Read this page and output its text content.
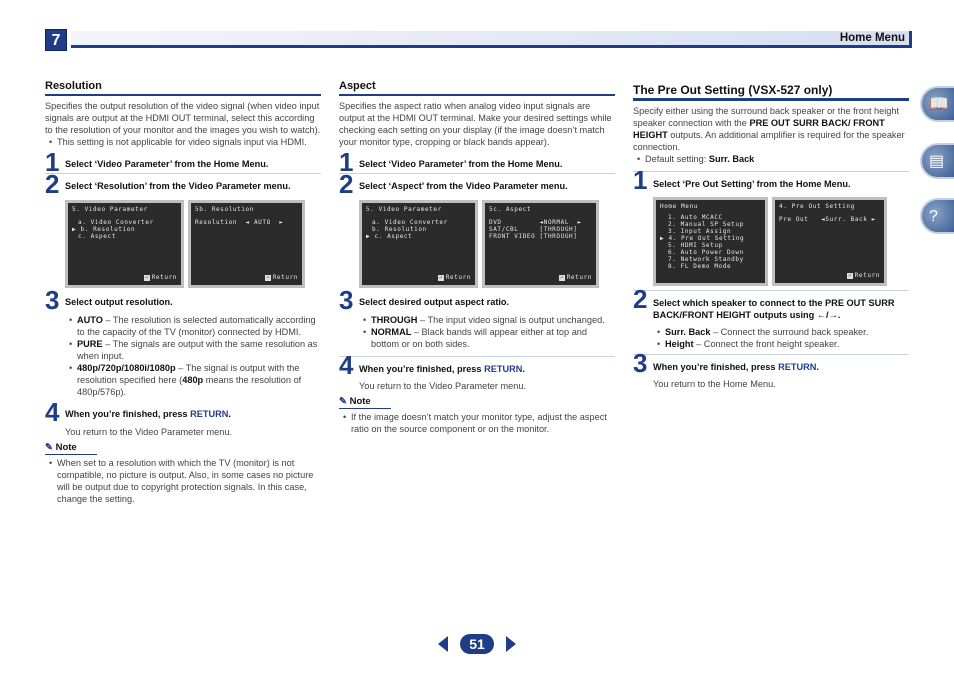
7	Home Menu
Resolution

Specifies the output resolution of the video signal (when video input signals are output at the HDMI OUT terminal, select this according to the resolution of your monitor and the images you wish to watch).

• This setting is not applicable for video signals input via HDMI.
1 Select ‘Video Parameter’ from the Home Menu.
2 Select ‘Resolution’ from the Video Parameter menu.
5. Video Parameter
a. Video Converter
▶ b. Resolution
c. Aspect
⏎ Return
5b. Resolution
Resolution  ◄ AUTO  ►
⏎ Return
3 Select output resolution.
• AUTO – The resolution is selected automatically according to the capacity of the TV (monitor) connected by HDMI.
• PURE – The signals are output with the same resolution as when input.
• 480p/720p/1080i/1080p – The signal is output with the resolution specified here (480p means the resolution of 480p/576p).
4 When you’re finished, press RETURN.

You return to the Video Parameter menu.

✎ Note
• When set to a resolution with which the TV (monitor) is not compatible, no picture is output. Also, in some cases no picture will be output due to copyright protection signals. In this case, change the setting.
Aspect

Specifies the aspect ratio when analog video input signals are output at the HDMI OUT terminal. Make your desired settings while checking each setting on your display (if the image doesn’t match your monitor type, cropping or black bands appear).

1 Select ‘Video Parameter’ from the Home Menu.
2 Select ‘Aspect’ from the Video Parameter menu.
5. Video Parameter
a. Video Converter
b. Resolution
▶ c. Aspect
⏎ Return
5c. Aspect
DVD         ◄NORMAL  ►
SAT/CBL     [THROUGH]
FRONT VIDEO [THROUGH]
⏎ Return
3 Select desired output aspect ratio.
• THROUGH – The input video signal is output unchanged.
• NORMAL – Black bands will appear either at top and bottom or on both sides.
4 When you’re finished, press RETURN.

You return to the Video Parameter menu.

✎ Note
• If the image doesn’t match your monitor type, adjust the aspect ratio on the source component or on the monitor.
The Pre Out Setting (VSX-527 only)

Specify either using the surround back speaker or the front height speaker connection with the PRE OUT SURR BACK/ FRONT HEIGHT outputs. An additional amplifier is required for the speaker connection.

• Default setting: Surr. Back
1 Select ‘Pre Out Setting’ from the Home Menu.
Home Menu
1. Auto MCACC
2. Manual SP Setup
3. Input Assign
▶ 4. Pre Out Setting
5. HDMI Setup
6. Auto Power Down
7. Network Standby
8. FL Demo Mode
4. Pre Out Setting
Pre Out   ◄Surr. Back ►
⏎ Return
2 Select which speaker to connect to the PRE OUT SURR BACK/FRONT HEIGHT outputs using ←/→.
• Surr. Back – Connect the surround back speaker.
• Height – Connect the front height speaker.
3 When you’re finished, press RETURN.

You return to the Home Menu.

📖
▤
?
51
